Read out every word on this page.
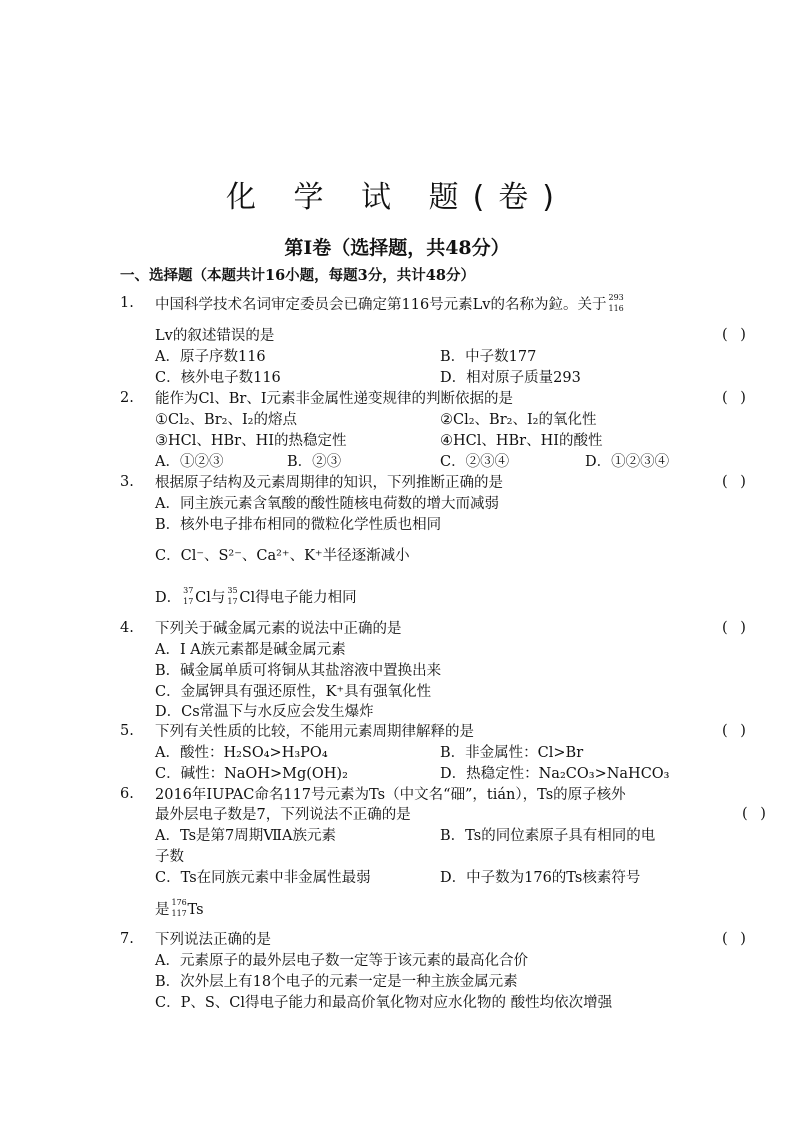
化 学 试 题(卷)
第I卷（选择题，共48分）
一、选择题（本题共计16小题，每题3分，共计48分）
1. 中国科学技术名词审定委员会已确定第116号元素Lv的名称为鉝。关于 293
116
Lv的叙述错误的是	( )
A．原子序数116	B．中子数177
C．核外电子数116	D．相对原子质量293
2. 能作为Cl、Br、I元素非金属性递变规律的判断依据的是	( )
①Cl₂、Br₂、I₂的熔点	②Cl₂、Br₂、I₂的氧化性
③HCl、HBr、HI的热稳定性	④HCl、HBr、HI的酸性
A．①②③	B．②③	C．②③④	D．①②③④
3. 根据原子结构及元素周期律的知识，下列推断正确的是	( )
A．同主族元素含氧酸的酸性随核电荷数的增大而减弱
B．核外电子排布相同的微粒化学性质也相同
C．Cl⁻、S²⁻、Ca²⁺、K⁺半径逐渐减小
D． 37
17 Cl与 35
17 Cl得电子能力相同
4. 下列关于碱金属元素的说法中正确的是	( )
A．Ⅰ A族元素都是碱金属元素
B．碱金属单质可将铜从其盐溶液中置换出来
C．金属钾具有强还原性，K⁺具有强氧化性
D．Cs常温下与水反应会发生爆炸
5. 下列有关性质的比较，不能用元素周期律解释的是	( )
A．酸性：H₂SO₄>H₃PO₄	B．非金属性：Cl>Br
C．碱性：NaOH>Mg(OH)₂	D．热稳定性：Na₂CO₃>NaHCO₃
6. 2016年IUPAC命名117号元素为Ts（中文名“鿬”，tián），Ts的原子核外
最外层电子数是7，下列说法不正确的是	( )
A．Ts是第7周期ⅦA族元素	B．Ts的同位素原子具有相同的电
子数
C．Ts在同族元素中非金属性最弱	D．中子数为176的Ts核素符号
是 176
117 Ts
7. 下列说法正确的是	( )
A．元素原子的最外层电子数一定等于该元素的最高化合价
B．次外层上有18个电子的元素一定是一种主族金属元素
C．P、S、Cl得电子能力和最高价氧化物对应水化物的 酸性均依次增强
